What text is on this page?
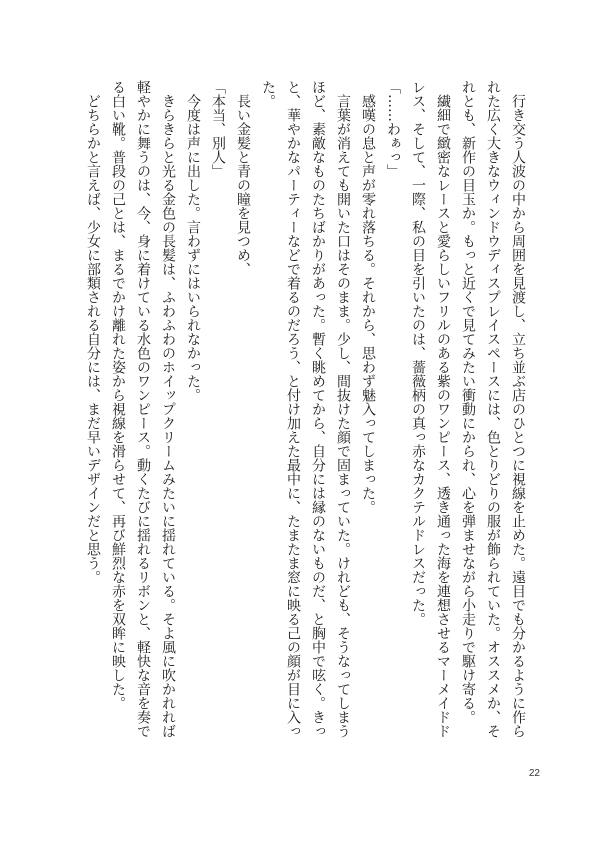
行き交う人波の中から周囲を見渡し、立ち並ぶ店のひとつに視線を止めた。遠目でも分かるように作られた広く大きなウィンドウディスプレイスペースには、色とりどりの服が飾られていた。オススメか、それとも、新作の目玉か。もっと近くで見てみたい衝動にかられ、心を弾ませながら小走りで駆け寄る。

繊細で緻密なレースと愛らしいフリルのある紫のワンピース、透き通った海を連想させるマーメイドドレス、そして、一際、私の目を引いたのは、薔薇柄の真っ赤なカクテルドレスだった。

「……わぁっ」

感嘆の息と声が零れ落ちる。それから、思わず魅入ってしまった。

言葉が消えても開いた口はそのまま。少し、間抜けた顔で固まっていた。けれども、そうなってしまうほど、素敵なものたちばかりがあった。暫く眺めてから、自分には縁のないものだ、と胸中で呟く。きっと、華やかなパーティーなどで着るのだろう、と付け加えた最中に、たまたま窓に映る己の顔が目に入った。

長い金髪と青の瞳を見つめ、

「本当、別人」

今度は声に出した。言わずにはいられなかった。

きらきらと光る金色の長髪は、ふわふわのホイップクリームみたいに揺れている。そよ風に吹かれれば軽やかに舞うのは、今、身に着けている水色のワンピース。動くたびに揺れるリボンと、軽快な音を奏でる白い靴。普段の己とは、まるでかけ離れた姿から視線を滑らせて、再び鮮烈な赤を双眸に映した。

どちらかと言えば、少女に部類される自分には、まだ早いデザインだと思う。

22
